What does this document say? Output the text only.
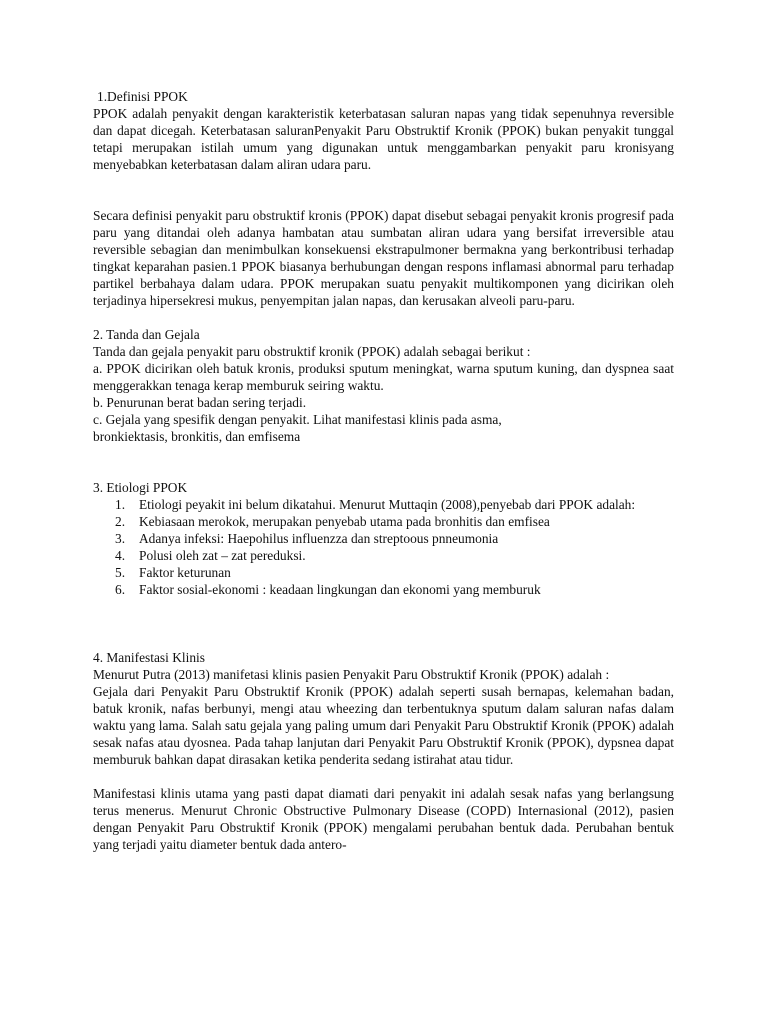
1.Definisi PPOK

PPOK adalah penyakit dengan karakteristik keterbatasan saluran napas yang tidak sepenuhnya reversible dan dapat dicegah. Keterbatasan saluranPenyakit Paru Obstruktif Kronik (PPOK) bukan penyakit tunggal tetapi merupakan istilah umum yang digunakan untuk menggambarkan penyakit paru kronisyang menyebabkan keterbatasan dalam aliran udara paru.

Secara definisi penyakit paru obstruktif kronis (PPOK) dapat disebut sebagai penyakit kronis progresif pada paru yang ditandai oleh adanya hambatan atau sumbatan aliran udara yang bersifat irreversible atau reversible sebagian dan menimbulkan konsekuensi ekstrapulmoner bermakna yang berkontribusi terhadap tingkat keparahan pasien.1 PPOK biasanya berhubungan dengan respons inflamasi abnormal paru terhadap partikel berbahaya dalam udara. PPOK merupakan suatu penyakit multikomponen yang dicirikan oleh terjadinya hipersekresi mukus, penyempitan jalan napas, dan kerusakan alveoli paru-paru.

2. Tanda dan Gejala

Tanda dan gejala penyakit paru obstruktif kronik (PPOK) adalah sebagai berikut :

a. PPOK dicirikan oleh batuk kronis, produksi sputum meningkat, warna sputum kuning, dan dyspnea saat menggerakkan tenaga kerap memburuk seiring waktu.

b. Penurunan berat badan sering terjadi.

c. Gejala yang spesifik dengan penyakit. Lihat manifestasi klinis pada asma,

bronkiektasis, bronkitis, dan emfisema

3. Etiologi PPOK

1. Etiologi peyakit ini belum dikatahui. Menurut Muttaqin (2008),penyebab dari PPOK adalah:
2. Kebiasaan merokok, merupakan penyebab utama pada bronhitis dan emfisea
3. Adanya infeksi: Haepohilus influenzza dan streptoous pnneumonia
4. Polusi oleh zat – zat pereduksi.
5. Faktor keturunan
6. Faktor sosial-ekonomi : keadaan lingkungan dan ekonomi yang memburuk

4. Manifestasi Klinis

Menurut Putra (2013) manifetasi klinis pasien Penyakit Paru Obstruktif Kronik (PPOK) adalah :

Gejala dari Penyakit Paru Obstruktif Kronik (PPOK) adalah seperti susah bernapas, kelemahan badan, batuk kronik, nafas berbunyi, mengi atau wheezing dan terbentuknya sputum dalam saluran nafas dalam waktu yang lama. Salah satu gejala yang paling umum dari Penyakit Paru Obstruktif Kronik (PPOK) adalah sesak nafas atau dyosnea. Pada tahap lanjutan dari Penyakit Paru Obstruktif Kronik (PPOK), dypsnea dapat memburuk bahkan dapat dirasakan ketika penderita sedang istirahat atau tidur.

Manifestasi klinis utama yang pasti dapat diamati dari penyakit ini adalah sesak nafas yang berlangsung terus menerus. Menurut Chronic Obstructive Pulmonary Disease (COPD) Internasional (2012), pasien dengan Penyakit Paru Obstruktif Kronik (PPOK) mengalami perubahan bentuk dada. Perubahan bentuk yang terjadi yaitu diameter bentuk dada antero-
